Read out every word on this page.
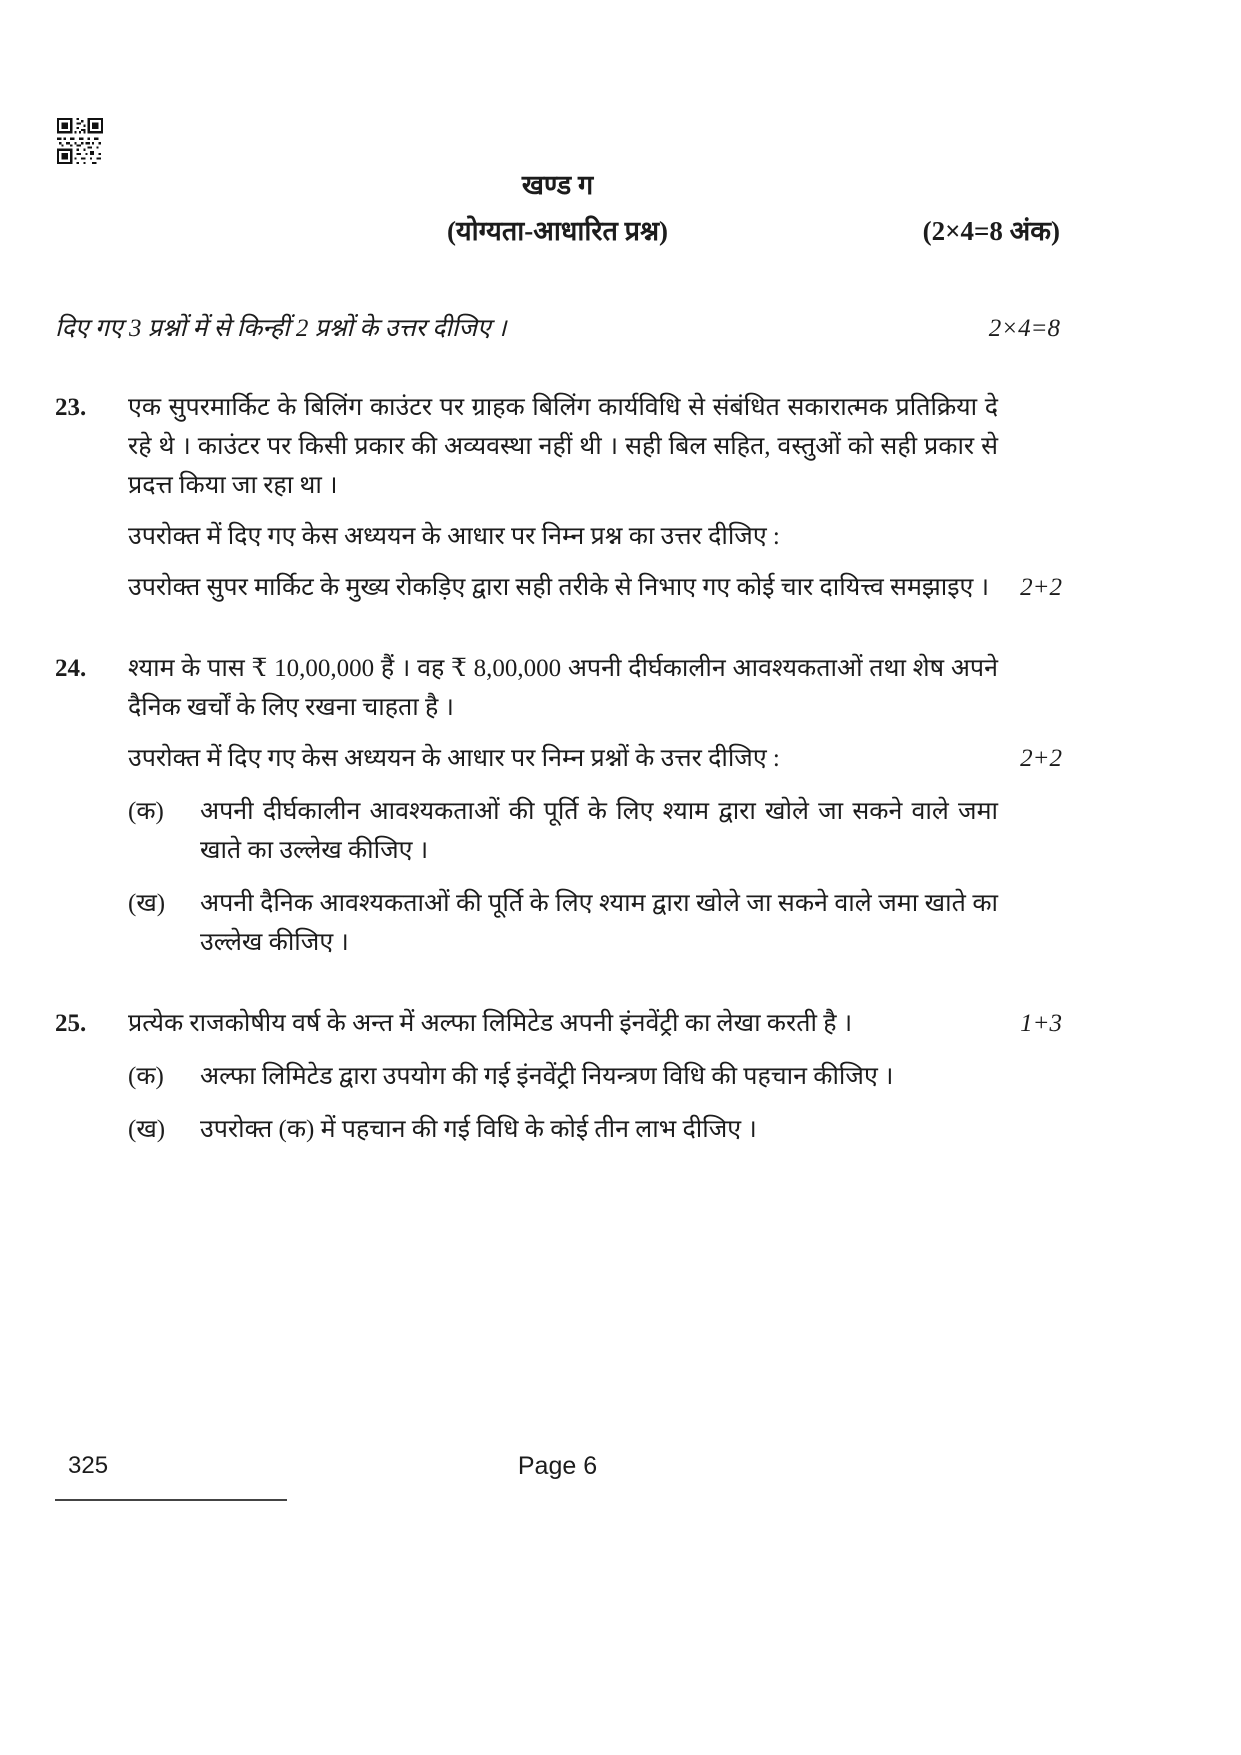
खण्ड ग
(योग्यता-आधारित प्रश्न)	(2×4=8 अंक)
दिए गए 3 प्रश्नों में से किन्हीं 2 प्रश्नों के उत्तर दीजिए ।	2×4=8
23. एक सुपरमार्किट के बिलिंग काउंटर पर ग्राहक बिलिंग कार्यविधि से संबंधित सकारात्मक प्रतिक्रिया दे रहे थे । काउंटर पर किसी प्रकार की अव्यवस्था नहीं थी । सही बिल सहित, वस्तुओं को सही प्रकार से प्रदत्त किया जा रहा था ।
उपरोक्त में दिए गए केस अध्ययन के आधार पर निम्न प्रश्न का उत्तर दीजिए :
उपरोक्त सुपर मार्किट के मुख्य रोकड़िए द्वारा सही तरीके से निभाए गए कोई चार दायित्त्व समझाइए । 2+2
24. श्याम के पास ₹ 10,00,000 हैं । वह ₹ 8,00,000 अपनी दीर्घकालीन आवश्यकताओं तथा शेष अपने दैनिक खर्चों के लिए रखना चाहता है ।
उपरोक्त में दिए गए केस अध्ययन के आधार पर निम्न प्रश्नों के उत्तर दीजिए :	2+2
(क) अपनी दीर्घकालीन आवश्यकताओं की पूर्ति के लिए श्याम द्वारा खोले जा सकने वाले जमा खाते का उल्लेख कीजिए ।
(ख) अपनी दैनिक आवश्यकताओं की पूर्ति के लिए श्याम द्वारा खोले जा सकने वाले जमा खाते का उल्लेख कीजिए ।
25. प्रत्येक राजकोषीय वर्ष के अन्त में अल्फा लिमिटेड अपनी इंनवेंट्री का लेखा करती है ।	1+3
(क) अल्फा लिमिटेड द्वारा उपयोग की गई इंनवेंट्री नियन्त्रण विधि की पहचान कीजिए ।
(ख) उपरोक्त (क) में पहचान की गई विधि के कोई तीन लाभ दीजिए ।
325	Page 6
